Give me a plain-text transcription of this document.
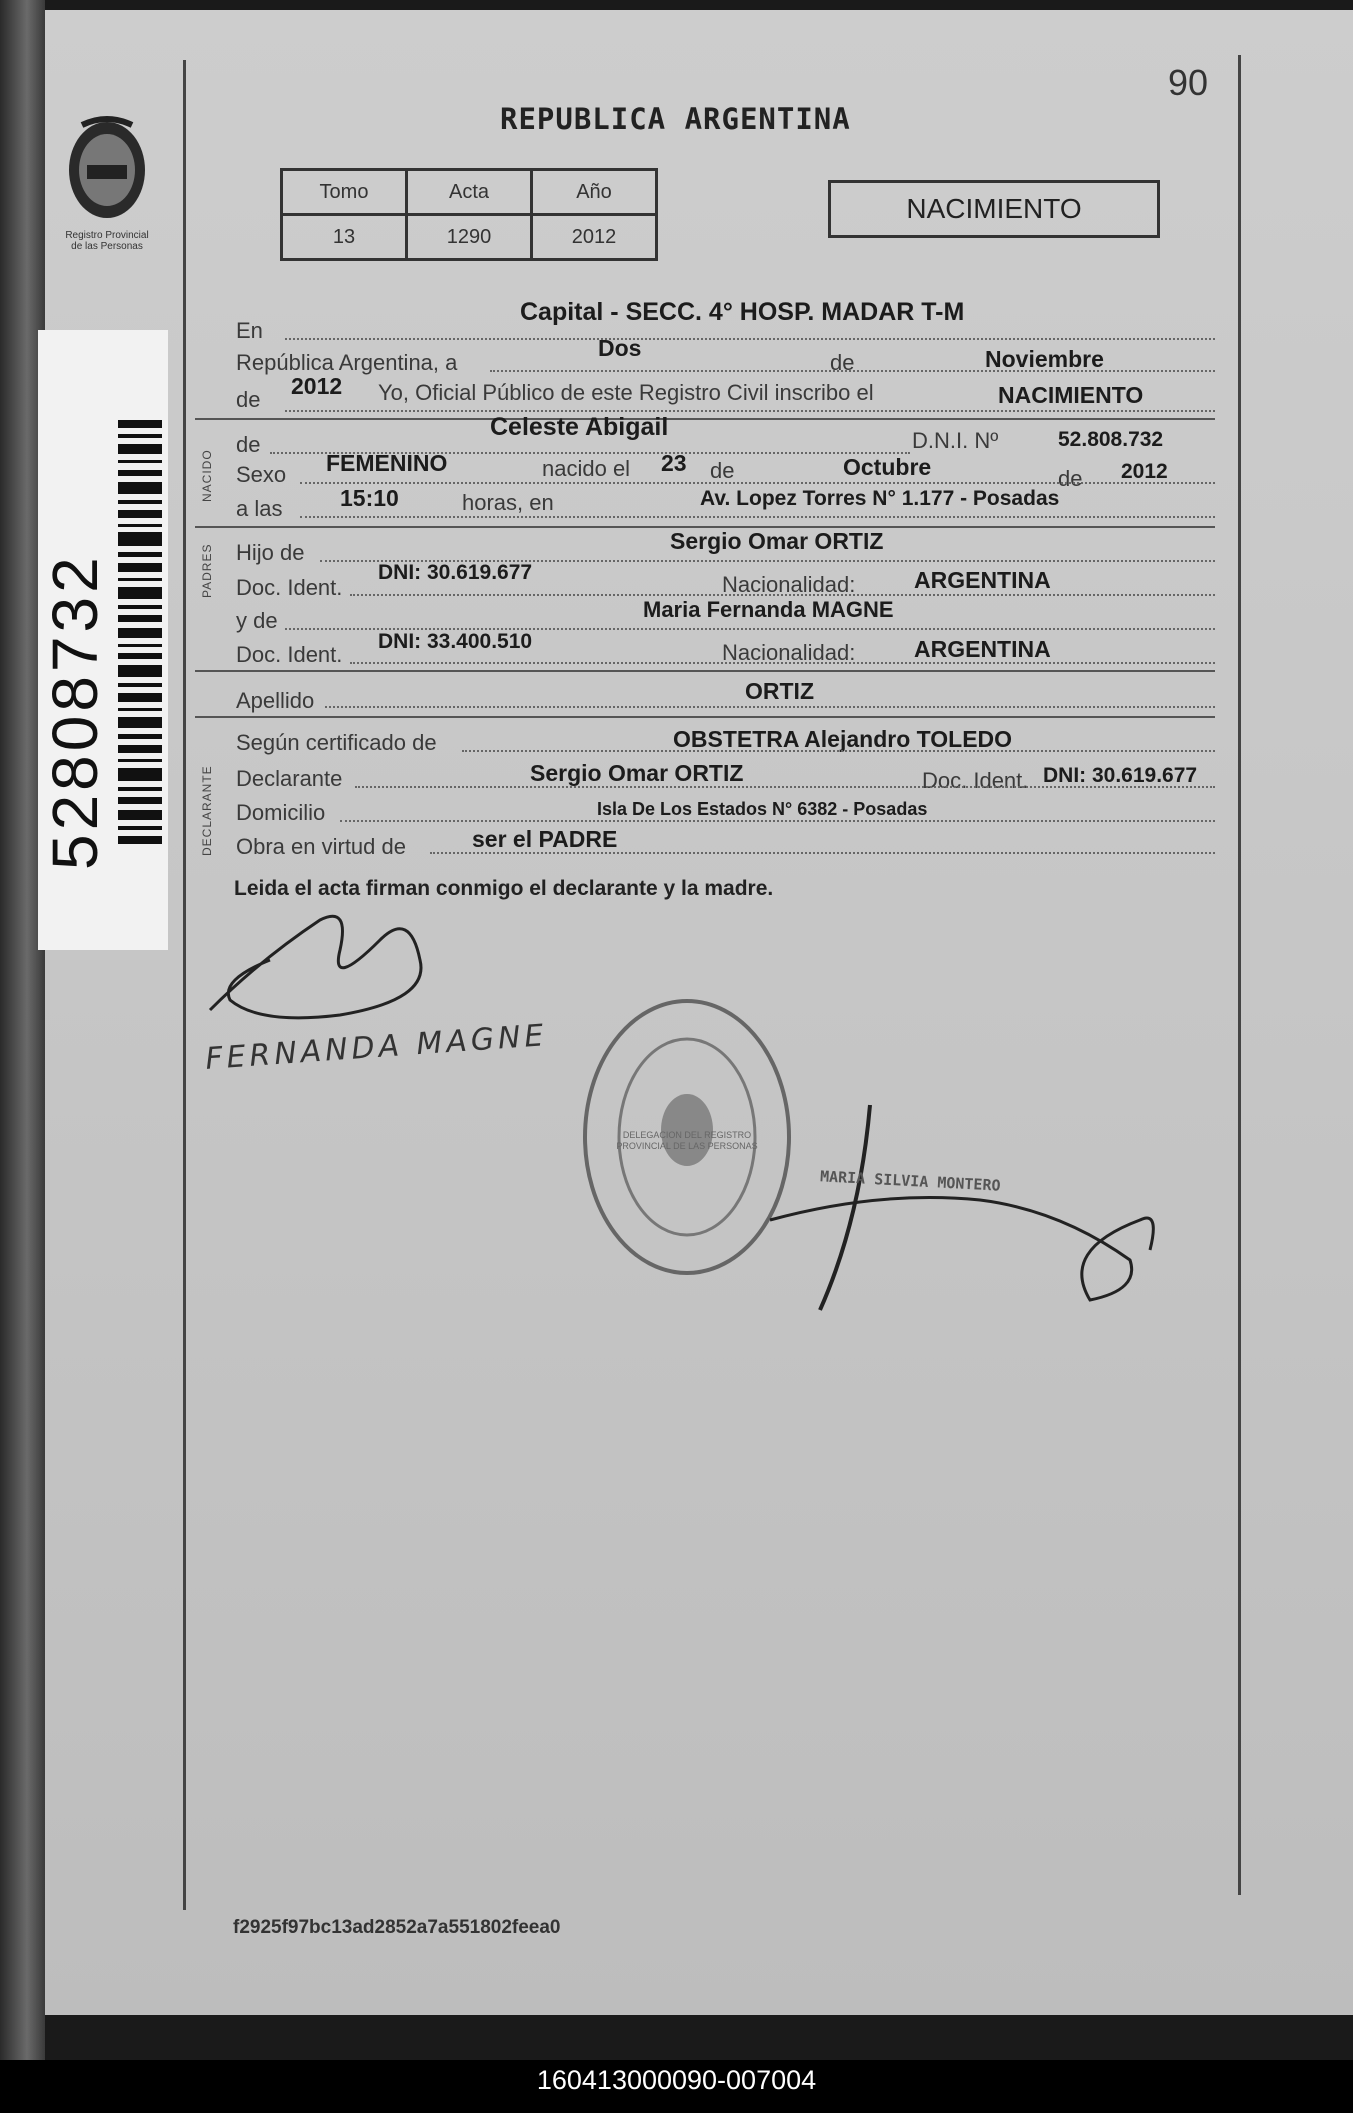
Registro Provincial de las Personas
52808732
90
REPUBLICA ARGENTINA
Tomo	Acta	Año
13	1290	2012
NACIMIENTO
En
Capital - SECC. 4° HOSP. MADAR T-M
República Argentina, a
Dos
de	Noviembre
de
2012 Yo, Oficial Público de este Registro Civil inscribo el	NACIMIENTO
NACIDO
de
Celeste Abigail	D.N.I. Nº	52.808.732
Sexo FEMENINO	nacido el 23 de	Octubre	de 2012
a las	15:10	horas, en	Av. Lopez Torres N° 1.177 - Posadas
PADRES Hijo de	Sergio Omar ORTIZ
Doc. Ident.
DNI: 30.619.677	Nacionalidad:	ARGENTINA
y de	Maria Fernanda MAGNE
Doc. Ident.
DNI: 33.400.510	Nacionalidad:	ARGENTINA
Apellido	ORTIZ
DECLARANTE
Según certificado de	OBSTETRA Alejandro TOLEDO
Declarante	Sergio Omar ORTIZ	Doc. Ident. DNI: 30.619.677
Domicilio	Isla De Los Estados N° 6382 - Posadas
Obra en virtud de	ser el PADRE
Leida el acta firman conmigo el declarante y la madre.
FERNANDA MAGNE
DELEGACION DEL REGISTRO PROVINCIAL DE LAS PERSONAS
MARIA SILVIA MONTERO
f2925f97bc13ad2852a7a551802feea0
160413000090-007004
